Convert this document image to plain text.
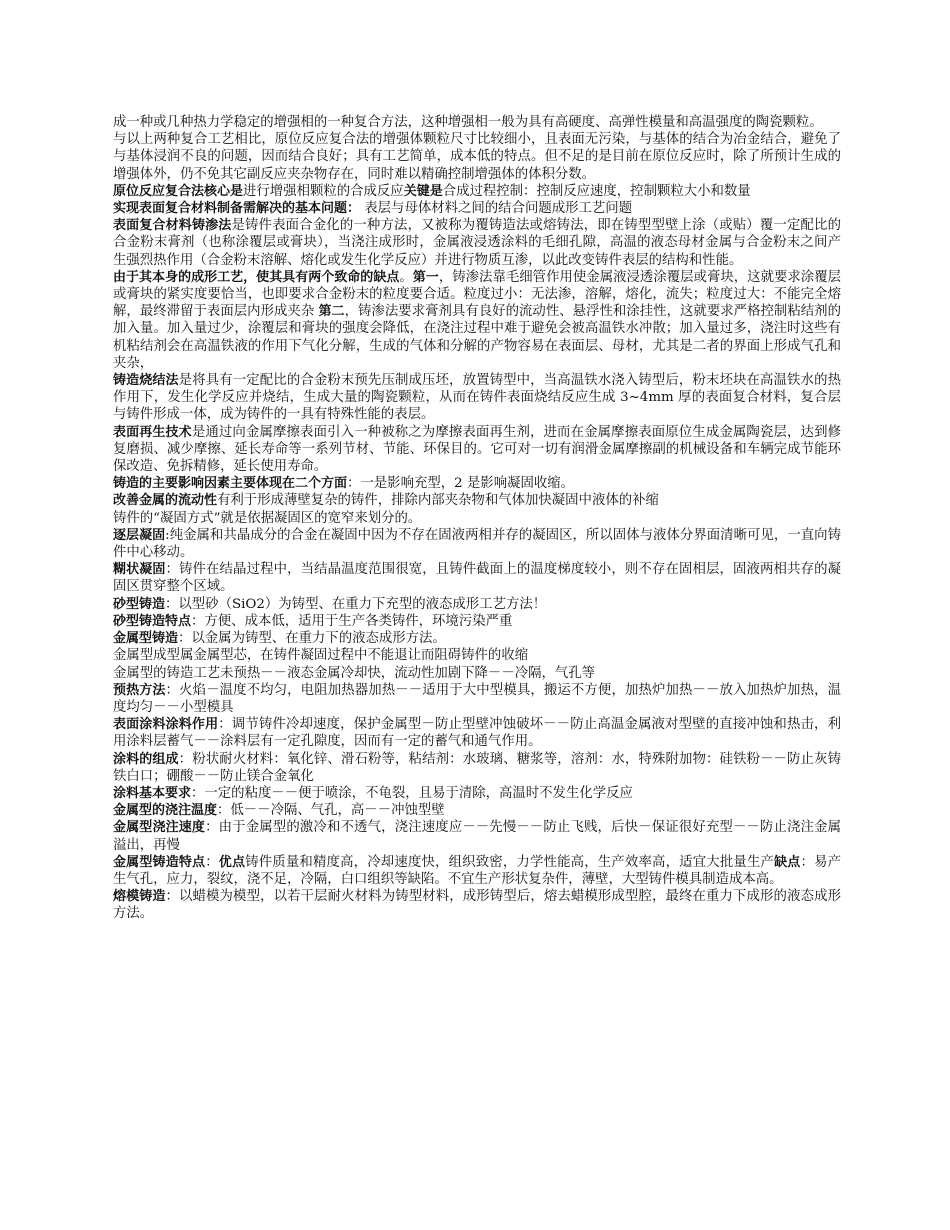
成一种或几种热力学稳定的增强相的一种复合方法，这种增强相一般为具有高硬度、高弹性模量和高温强度的陶瓷颗粒。
与以上两种复合工艺相比，原位反应复合法的增强体颗粒尺寸比较细小，且表面无污染，与基体的结合为冶金结合，避免了与基体浸润不良的问题，因而结合良好；具有工艺简单，成本低的特点。但不足的是目前在原位反应时，除了所预计生成的增强体外，仍不免其它副反应夹杂物存在，同时难以精确控制增强体的体积分数。
原位反应复合法核心是进行增强相颗粒的合成反应关键是合成过程控制：控制反应速度，控制颗粒大小和数量
实现表面复合材料制备需解决的基本问题： 表层与母体材料之间的结合问题成形工艺问题
表面复合材料铸渗法是铸件表面合金化的一种方法，又被称为覆铸造法或熔铸法，即在铸型型壁上涂（或贴）覆一定配比的合金粉末膏剂（也称涂覆层或膏块），当浇注成形时，金属液浸透涂料的毛细孔隙，高温的液态母材金属与合金粉末之间产生强烈热作用（合金粉末溶解、熔化或发生化学反应）并进行物质互渗，以此改变铸件表层的结构和性能。
由于其本身的成形工艺，使其具有两个致命的缺点。第一，铸渗法靠毛细管作用使金属液浸透涂覆层或膏块，这就要求涂覆层或膏块的紧实度要恰当，也即要求合金粉末的粒度要合适。粒度过小：无法渗，溶解，熔化，流失；粒度过大：不能完全熔解，最终滞留于表面层内形成夹杂 第二，铸渗法要求膏剂具有良好的流动性、悬浮性和涂挂性，这就要求严格控制粘结剂的加入量。加入量过少，涂覆层和膏块的强度会降低，在浇注过程中难于避免会被高温铁水冲散；加入量过多，浇注时这些有机粘结剂会在高温铁液的作用下气化分解，生成的气体和分解的产物容易在表面层、母材，尤其是二者的界面上形成气孔和夹杂，
铸造烧结法是将具有一定配比的合金粉末预先压制成压坯，放置铸型中，当高温铁水浇入铸型后，粉末坯块在高温铁水的热作用下，发生化学反应并烧结，生成大量的陶瓷颗粒，从而在铸件表面烧结反应生成 3~4mm 厚的表面复合材料，复合层与铸件形成一体，成为铸件的一具有特殊性能的表层。
表面再生技术是通过向金属摩擦表面引入一种被称之为摩擦表面再生剂，进而在金属摩擦表面原位生成金属陶瓷层，达到修复磨损、减少摩擦、延长寿命等一系列节材、节能、环保目的。它可对一切有润滑金属摩擦副的机械设备和车辆完成节能环保改造、免拆精修，延长使用寿命。
铸造的主要影响因素主要体现在二个方面：一是影响充型，2 是影响凝固收缩。
改善金属的流动性有利于形成薄壁复杂的铸件，排除内部夹杂物和气体加快凝固中液体的补缩
铸件的“凝固方式”就是依据凝固区的宽窄来划分的。
逐层凝固:纯金属和共晶成分的合金在凝固中因为不存在固液两相并存的凝固区，所以固体与液体分界面清晰可见，一直向铸件中心移动。
糊状凝固：铸件在结晶过程中，当结晶温度范围很宽，且铸件截面上的温度梯度较小，则不存在固相层，固液两相共存的凝固区贯穿整个区域。
砂型铸造：以型砂（SiO2）为铸型、在重力下充型的液态成形工艺方法！
砂型铸造特点：方便、成本低，适用于生产各类铸件，环境污染严重
金属型铸造：以金属为铸型、在重力下的液态成形方法。
金属型成型属金属型芯，在铸件凝固过程中不能退让而阻碍铸件的收缩
金属型的铸造工艺未预热－－液态金属冷却快，流动性加剧下降－－冷隔，气孔等
预热方法：火焰－温度不均匀，电阻加热器加热－－适用于大中型模具，搬运不方便，加热炉加热－－放入加热炉加热，温度均匀－－小型模具
表面涂料涂料作用：调节铸件冷却速度，保护金属型－防止型壁冲蚀破坏－－防止高温金属液对型壁的直接冲蚀和热击，利用涂料层蓄气－－涂料层有一定孔隙度，因而有一定的蓄气和通气作用。
涂料的组成：粉状耐火材料：氧化锌、滑石粉等，粘结剂：水玻璃、糖浆等，溶剂：水，特殊附加物：硅铁粉－－防止灰铸铁白口；硼酸－－防止镁合金氧化
涂料基本要求：一定的粘度－－便于喷涂，不龟裂，且易于清除，高温时不发生化学反应
金属型的浇注温度：低－－冷隔、气孔，高－－冲蚀型壁
金属型浇注速度：由于金属型的激冷和不透气，浇注速度应－－先慢－－防止飞贱，后快－保证很好充型－－防止浇注金属溢出，再慢
金属型铸造特点：优点铸件质量和精度高，冷却速度快，组织致密，力学性能高，生产效率高，适宜大批量生产缺点：易产生气孔，应力，裂纹，浇不足，冷隔，白口组织等缺陷。不宜生产形状复杂件，薄壁，大型铸件模具制造成本高。
熔模铸造：以蜡模为模型，以若干层耐火材料为铸型材料，成形铸型后，熔去蜡模形成型腔，最终在重力下成形的液态成形方法。
